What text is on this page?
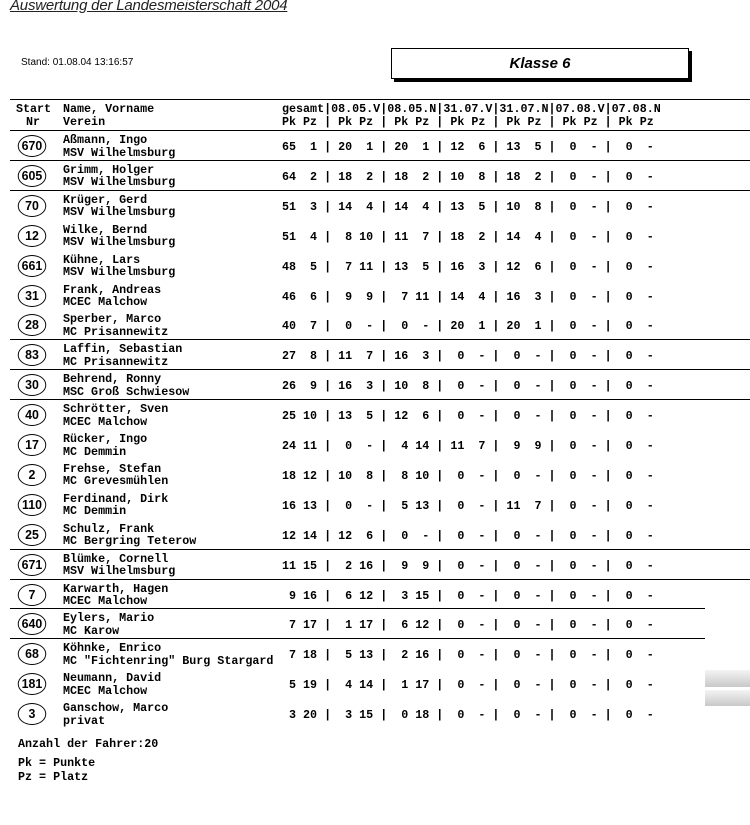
Auswertung der Landesmeisterschaft 2004
Stand: 01.08.04 13:16:57	Klasse 6
Start
Nr
Name, Vorname
Verein
gesamt|08.05.V|08.05.N|31.07.V|31.07.N|07.08.V|07.08.N
Pk Pz | Pk Pz | Pk Pz | Pk Pz | Pk Pz | Pk Pz | Pk Pz
670	Aßmann, Ingo
MSV Wilhelmsburg	65  1 | 20  1 | 20  1 | 12  6 | 13  5 |  0  - |  0  -
605	Grimm, Holger
MSV Wilhelmsburg	64  2 | 18  2 | 18  2 | 10  8 | 18  2 |  0  - |  0  -
70	Krüger, Gerd
MSV Wilhelmsburg	51  3 | 14  4 | 14  4 | 13  5 | 10  8 |  0  - |  0  -
12	Wilke, Bernd
MSV Wilhelmsburg	51  4 |  8 10 | 11  7 | 18  2 | 14  4 |  0  - |  0  -
661	Kühne, Lars
MSV Wilhelmsburg	48  5 |  7 11 | 13  5 | 16  3 | 12  6 |  0  - |  0  -
31	Frank, Andreas
MCEC Malchow	46  6 |  9  9 |  7 11 | 14  4 | 16  3 |  0  - |  0  -
28	Sperber, Marco
MC Prisannewitz	40  7 |  0  - |  0  - | 20  1 | 20  1 |  0  - |  0  -
83	Laffin, Sebastian
MC Prisannewitz	27  8 | 11  7 | 16  3 |  0  - |  0  - |  0  - |  0  -
30	Behrend, Ronny
MSC Groß Schwiesow	26  9 | 16  3 | 10  8 |  0  - |  0  - |  0  - |  0  -
40	Schrötter, Sven
MCEC Malchow	25 10 | 13  5 | 12  6 |  0  - |  0  - |  0  - |  0  -
17	Rücker, Ingo
MC Demmin	24 11 |  0  - |  4 14 | 11  7 |  9  9 |  0  - |  0  -
2	Frehse, Stefan
MC Grevesmühlen	18 12 | 10  8 |  8 10 |  0  - |  0  - |  0  - |  0  -
110	Ferdinand, Dirk
MC Demmin	16 13 |  0  - |  5 13 |  0  - | 11  7 |  0  - |  0  -
25	Schulz, Frank
MC Bergring Teterow	12 14 | 12  6 |  0  - |  0  - |  0  - |  0  - |  0  -
671	Blümke, Cornell
MSV Wilhelmsburg	11 15 |  2 16 |  9  9 |  0  - |  0  - |  0  - |  0  -
7	Karwarth, Hagen
MCEC Malchow	9 16 |  6 12 |  3 15 |  0  - |  0  - |  0  - |  0  -
640	Eylers, Mario
MC Karow	7 17 |  1 17 |  6 12 |  0  - |  0  - |  0  - |  0  -
68	Köhnke, Enrico
MC "Fichtenring" Burg Stargard 7 18 |  5 13 |  2 16 |  0  - |  0  - |  0  - |  0  -
181	Neumann, David
MCEC Malchow	5 19 |  4 14 |  1 17 |  0  - |  0  - |  0  - |  0  -
3	Ganschow, Marco
privat	3 20 |  3 15 |  0 18 |  0  - |  0  - |  0  - |  0  -
Anzahl der Fahrer:20
Pk = Punkte
Pz = Platz
